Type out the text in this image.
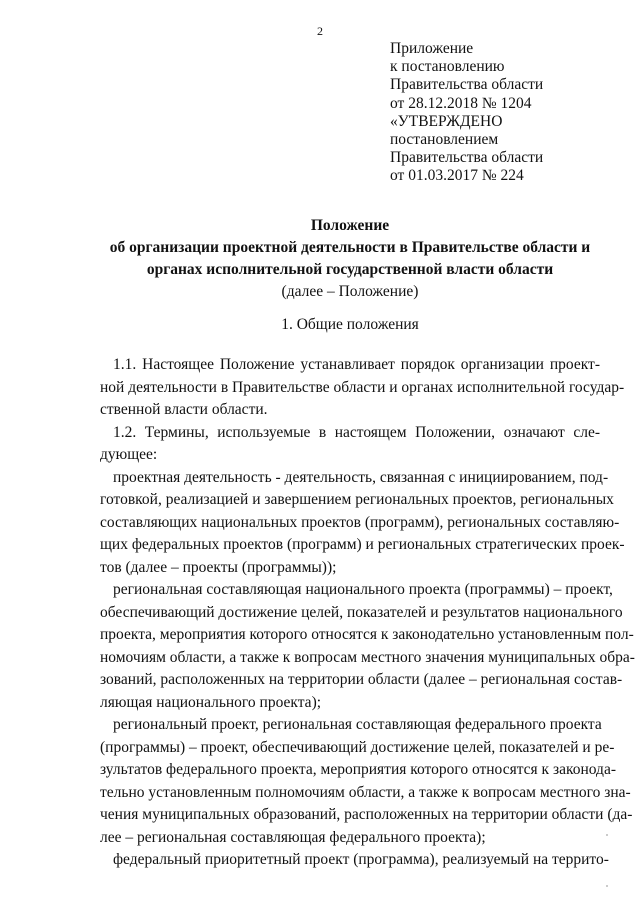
2
Приложение
к постановлению
Правительства области
от 28.12.2018 № 1204
«УТВЕРЖДЕНО
постановлением
Правительства области
от 01.03.2017 № 224
Положение
об организации проектной деятельности в Правительстве области и
органах исполнительной государственной власти области
(далее – Положение)
1. Общие положения
1.1. Настоящее Положение устанавливает порядок организации проект-
ной деятельности в Правительстве области и органах исполнительной государ-
ственной власти области.
1.2. Термины, используемые в настоящем Положении, означают сле-
дующее:
проектная деятельность - деятельность, связанная с инициированием, под-
готовкой, реализацией и завершением региональных проектов, региональных
составляющих национальных проектов (программ), региональных составляю-
щих федеральных проектов (программ) и региональных стратегических проек-
тов (далее – проекты (программы));
региональная составляющая национального проекта (программы) – проект,
обеспечивающий достижение целей, показателей и результатов национального
проекта, мероприятия которого относятся к законодательно установленным пол-
номочиям области, а также к вопросам местного значения муниципальных обра-
зований, расположенных на территории области (далее – региональная состав-
ляющая национального проекта);
региональный проект, региональная составляющая федерального проекта
(программы) – проект, обеспечивающий достижение целей, показателей и ре-
зультатов федерального проекта, мероприятия которого относятся к законода-
тельно установленным полномочиям области, а также к вопросам местного зна-
чения муниципальных образований, расположенных на территории области (да-
лее – региональная составляющая федерального проекта);
федеральный приоритетный проект (программа), реализуемый на террито-
